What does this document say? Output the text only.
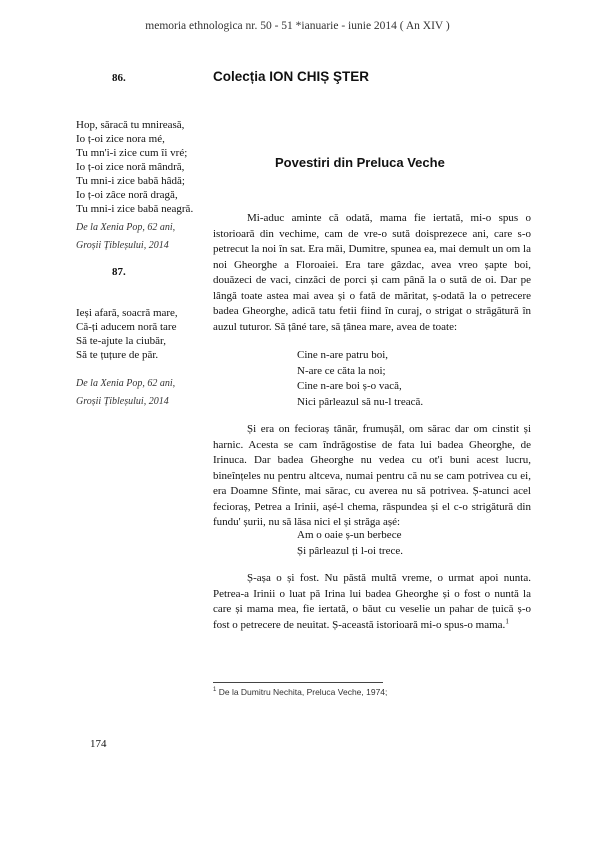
memoria ethnologica nr. 50 - 51 *ianuarie - iunie 2014 ( An XIV )
86.	Colecția ION CHIȘ ŞTER
Hop, săracă tu mnireasă,
Io ț-oi zice nora mé,
Tu mn'i-i zice cum îi vré;
Io ț-oi zice noră mândră,
Tu mni-i zice babă hâdă;
Io ț-oi zâce noră dragă,
Tu mni-i zice babă neagră.
De la Xenia Pop, 62 ani,
Groșii Țibleșului, 2014
87.
Ieși afară, soacră mare,
Că-ți aducem noră tare
Să te-ajute la ciubăr,
Să te țuțure de păr.
De la Xenia Pop, 62 ani,
Groșii Țibleșului, 2014
Povestiri din Preluca Veche

Mi-aduc aminte că odată, mama fie iertată, mi-o spus o istorioară din vechime, cam de vre-o sută doisprezece ani, care s-o petrecut la noi în sat. Era măi, Dumitre, spunea ea, mai demult un om la noi Gheorghe a Floroaiei. Era tare gâzdac, avea vreo șapte boi, douăzeci de vaci, cinzăci de porci și cam până la o sută de oi. Dar pe lângă toate astea mai avea și o fată de măritat, ș-odată la o petrecere badea Gheorghe, adică tatu fetii fiind în curaj, o strigat o străgătură în auzul tuturor. Să țâné tare, să țânea mare, avea de toate:

Cine n-are patru boi,
N-are ce căta la noi;
Cine n-are boi ș-o vacă,
Nici pârleazul să nu-l treacă.

Și era on fecioraș tânăr, frumușăl, om sărac dar om cinstit și harnic. Acesta se cam îndrăgostise de fata lui badea Gheorghe, de Irinuca. Dar badea Gheorghe nu vedea cu ot'i buni acest lucru, bineînțeles nu pentru altceva, numai pentru că nu se cam potrivea cu ei, era Doamne Sfinte, mai sărac, cu averea nu să potrivea. Ș-atunci acel fecioraș, Petrea a Irinii, așé-l chema, răspundea și el c-o strigătură din fundu' șurii, nu să lăsa nici el și străga așé:

Am o oaie ș-un berbece
Și pârleazul ți l-oi trece.

Ș-așa o și fost. Nu păstă multă vreme, o urmat apoi nunta. Petrea-a Irinii o luat pă Irina lui badea Gheorghe și o fost o nuntă la care și mama mea, fie iertată, o băut cu veselie un pahar de țuică ș-o fost o petrecere de neuitat. Ș-această istorioară mi-o spus-o mama.$^1$

$^1$ De la Dumitru Nechita, Preluca Veche, 1974;
174
